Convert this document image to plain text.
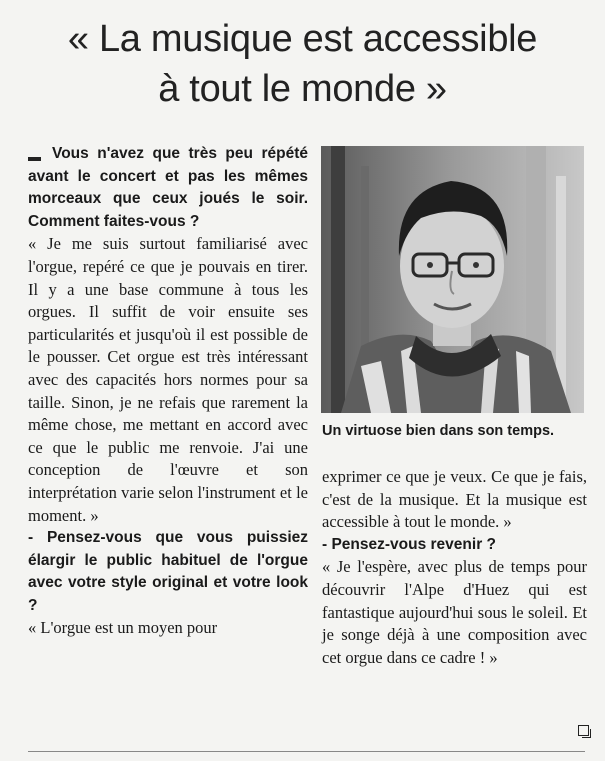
« La musique est accessible
à tout le monde »

Vous n'avez que très peu répété avant le concert et pas les mêmes morceaux que ceux joués le soir. Comment faites-vous ?

« Je me suis surtout familiarisé avec l'orgue, repéré ce que je pouvais en tirer. Il y a une base commune à tous les orgues. Il suffit de voir ensuite ses particularités et jusqu'où il est possible de le pousser. Cet orgue est très intéressant avec des capacités hors normes pour sa taille. Sinon, je ne refais que rarement la même chose, me mettant en accord avec ce que le public me renvoie. J'ai une conception de l'œuvre et son interprétation varie selon l'instrument et le moment. »

- Pensez-vous que vous puissiez élargir le public habituel de l'orgue avec votre style original et votre look ?

« L'orgue est un moyen pour

Un virtuose bien dans son temps.

exprimer ce que je veux. Ce que je fais, c'est de la musique. Et la musique est accessible à tout le monde. »

- Pensez-vous revenir ?

« Je l'espère, avec plus de temps pour découvrir l'Alpe d'Huez qui est fantastique aujourd'hui sous le soleil. Et je songe déjà à une composition avec cet orgue dans ce cadre ! »
